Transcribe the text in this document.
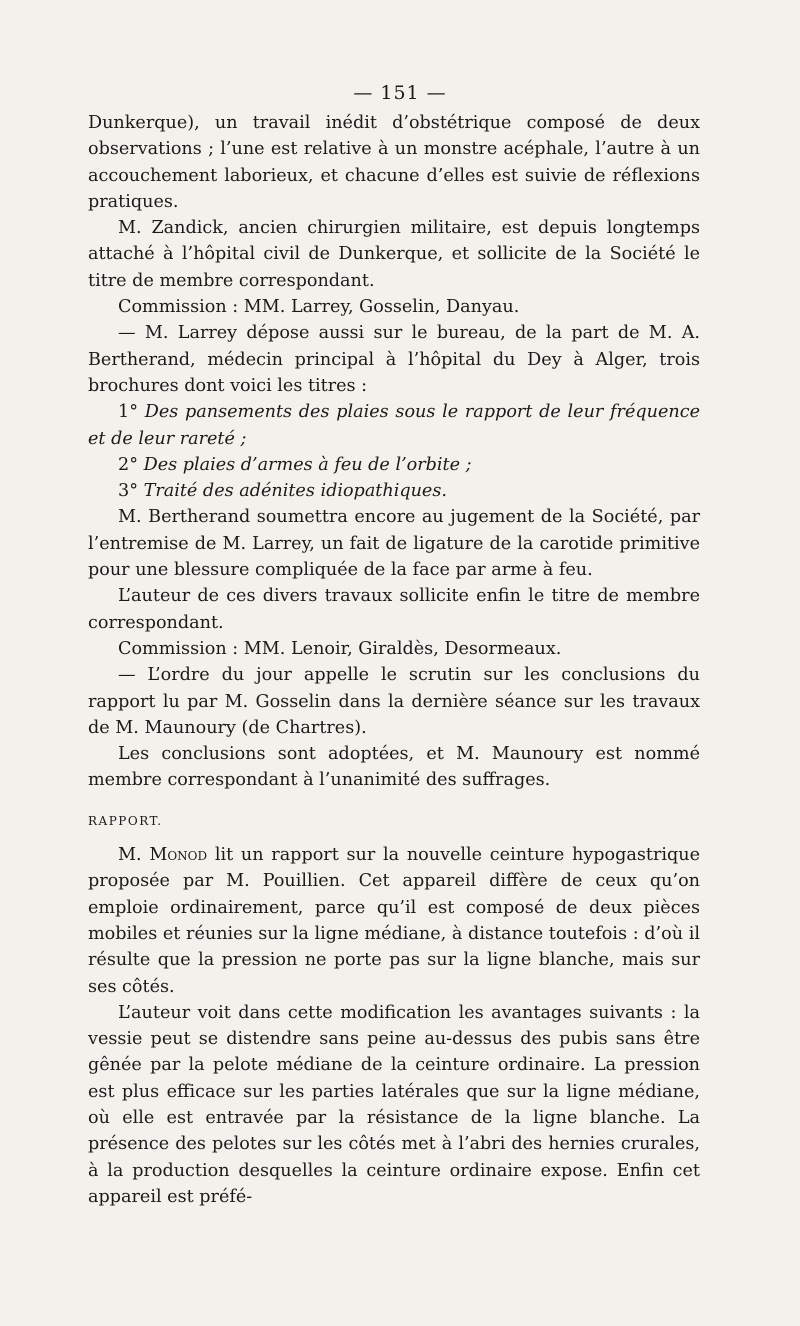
— 151 —

Dunkerque), un travail inédit d’obstétrique composé de deux observations ; l’une est relative à un monstre acéphale, l’autre à un accouchement laborieux, et chacune d’elles est suivie de réflexions pratiques.

M. Zandick, ancien chirurgien militaire, est depuis longtemps attaché à l’hôpital civil de Dunkerque, et sollicite de la Société le titre de membre correspondant.

Commission : MM. Larrey, Gosselin, Danyau.

— M. Larrey dépose aussi sur le bureau, de la part de M. A. Bertherand, médecin principal à l’hôpital du Dey à Alger, trois brochures dont voici les titres :

1° Des pansements des plaies sous le rapport de leur fréquence et de leur rareté ;

2° Des plaies d’armes à feu de l’orbite ;

3° Traité des adénites idiopathiques.

M. Bertherand soumettra encore au jugement de la Société, par l’entremise de M. Larrey, un fait de ligature de la carotide primitive pour une blessure compliquée de la face par arme à feu.

L’auteur de ces divers travaux sollicite enfin le titre de membre correspondant.

Commission : MM. Lenoir, Giraldès, Desormeaux.

— L’ordre du jour appelle le scrutin sur les conclusions du rapport lu par M. Gosselin dans la dernière séance sur les travaux de M. Maunoury (de Chartres).

Les conclusions sont adoptées, et M. Maunoury est nommé membre correspondant à l’unanimité des suffrages.

RAPPORT.

M. Monod lit un rapport sur la nouvelle ceinture hypogastrique proposée par M. Pouillien. Cet appareil diffère de ceux qu’on emploie ordinairement, parce qu’il est composé de deux pièces mobiles et réunies sur la ligne médiane, à distance toutefois : d’où il résulte que la pression ne porte pas sur la ligne blanche, mais sur ses côtés.

L’auteur voit dans cette modification les avantages suivants : la vessie peut se distendre sans peine au-dessus des pubis sans être gênée par la pelote médiane de la ceinture ordinaire. La pression est plus efficace sur les parties latérales que sur la ligne médiane, où elle est entravée par la résistance de la ligne blanche. La présence des pelotes sur les côtés met à l’abri des hernies crurales, à la production desquelles la ceinture ordinaire expose. Enfin cet appareil est préfé-
